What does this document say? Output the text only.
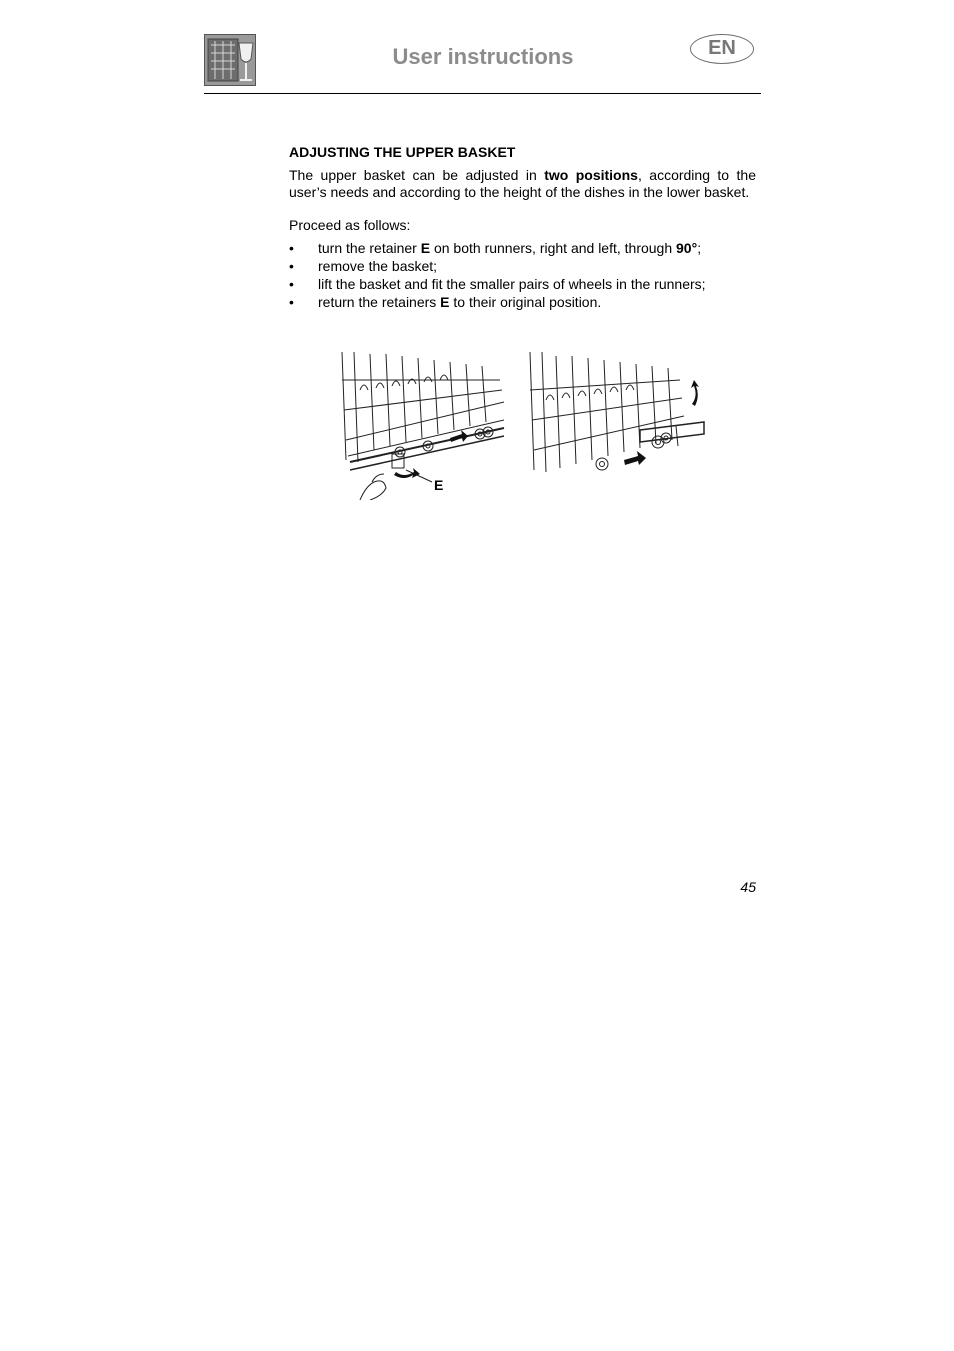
User instructions	EN
ADJUSTING THE UPPER BASKET

The upper basket can be adjusted in two positions, according to the user’s needs and according to the height of the dishes in the lower basket.

Proceed as follows:

• turn the retainer E on both runners, right and left, through 90°;
• remove the basket;
• lift the basket and fit the smaller pairs of wheels in the runners;
• return the retainers E to their original position.
E
45
